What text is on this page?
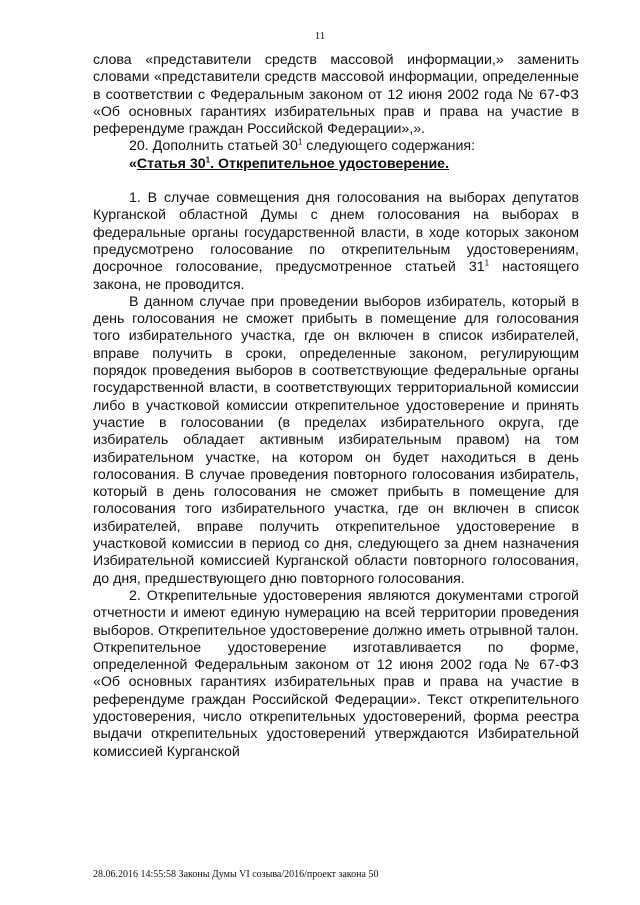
11

слова «представители средств массовой информации,» заменить словами «представители средств массовой информации, определенные в соответствии с Федеральным законом от 12 июня 2002 года № 67-ФЗ «Об основных гарантиях избирательных прав и права на участие в референдуме граждан Российской Федерации»,».

20. Дополнить статьей $30^1$ следующего содержания:

«Статья $30^1$. Открепительное удостоверение.

1. В случае совмещения дня голосования на выборах депутатов Курганской областной Думы с днем голосования на выборах в федеральные органы государственной власти, в ходе которых законом предусмотрено голосование по открепительным удостоверениям, досрочное голосование, предусмотренное статьей $31^1$ настоящего закона, не проводится.

В данном случае при проведении выборов избиратель, который в день голосования не сможет прибыть в помещение для голосования того избирательного участка, где он включен в список избирателей, вправе получить в сроки, определенные законом, регулирующим порядок проведения выборов в соответствующие федеральные органы государственной власти, в соответствующих территориальной комиссии либо в участковой комиссии открепительное удостоверение и принять участие в голосовании (в пределах избирательного округа, где избиратель обладает активным избирательным правом) на том избирательном участке, на котором он будет находиться в день голосования. В случае проведения повторного голосования избиратель, который в день голосования не сможет прибыть в помещение для голосования того избирательного участка, где он включен в список избирателей, вправе получить открепительное удостоверение в участковой комиссии в период со дня, следующего за днем назначения Избирательной комиссией Курганской области повторного голосования, до дня, предшествующего дню повторного голосования.

2. Открепительные удостоверения являются документами строгой отчетности и имеют единую нумерацию на всей территории проведения выборов. Открепительное удостоверение должно иметь отрывной талон. Открепительное удостоверение изготавливается по форме, определенной Федеральным законом от 12 июня 2002 года № 67-ФЗ «Об основных гарантиях избирательных прав и права на участие в референдуме граждан Российской Федерации». Текст открепительного удостоверения, число открепительных удостоверений, форма реестра выдачи открепительных удостоверений утверждаются Избирательной комиссией Курганской

28.06.2016 14:55:58 Законы Думы VI созыва/2016/проект закона 50
